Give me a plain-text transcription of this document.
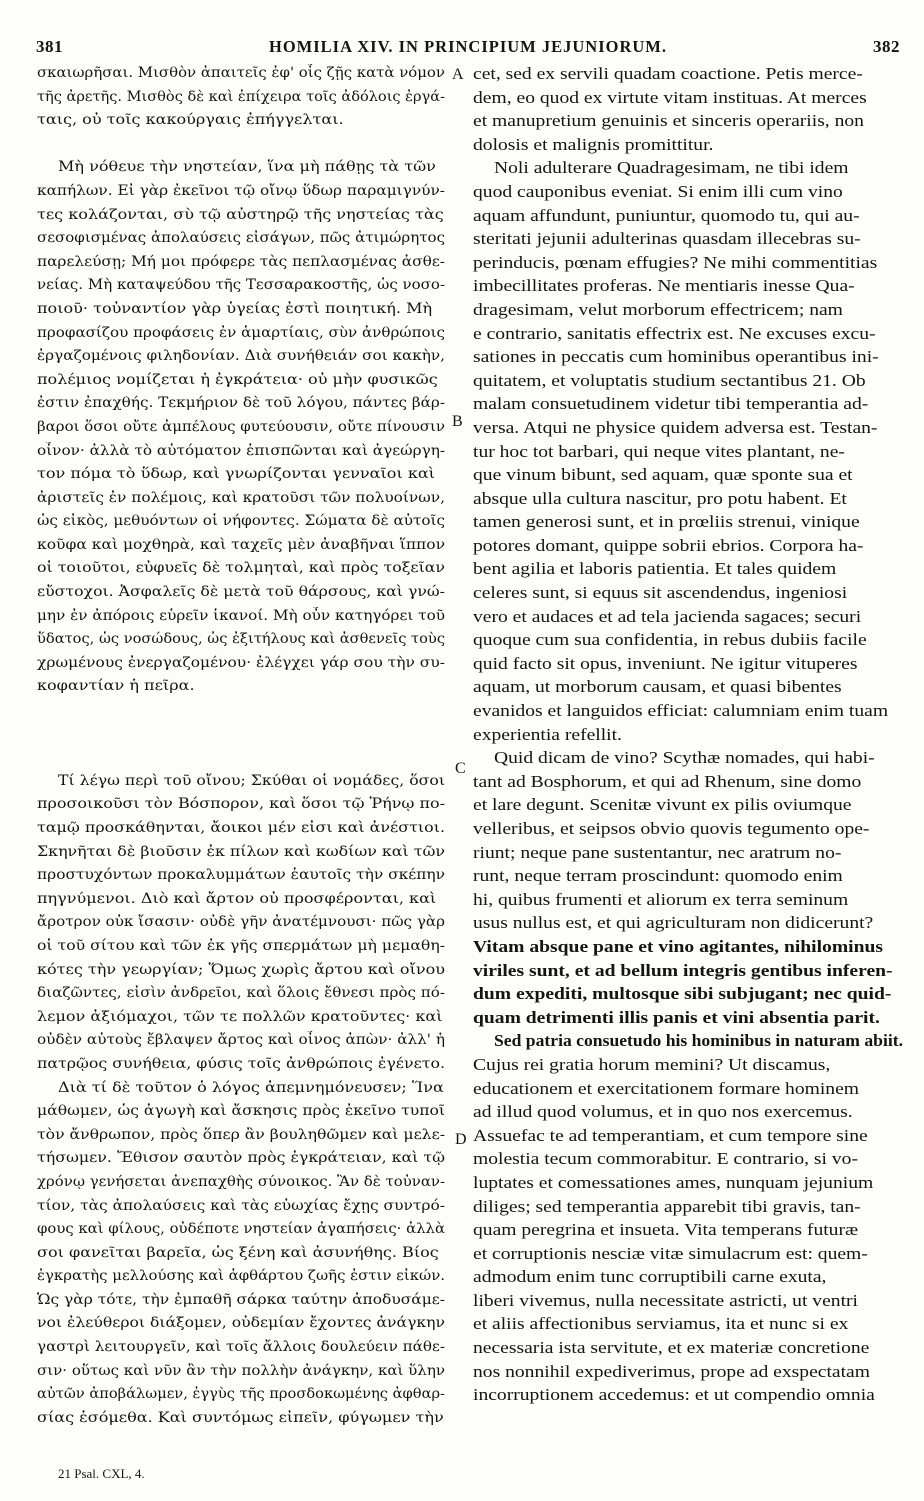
381	HOMILIA XIV. IN PRINCIPIUM JEJUNIORUM.	382
σκαιωρῆσαι. Μισθὸν ἀπαιτεῖς ἐφ' οἷς ζῇς κατὰ νόμον
τῆς ἀρετῆς. Μισθὸς δὲ καὶ ἐπίχειρα τοῖς ἀδόλοις ἐργά-
ταις, οὐ τοῖς κακούργαις ἐπήγγελται.
Μὴ νόθευε τὴν νηστείαν, ἵνα μὴ πάθῃς τὰ τῶν
καπήλων. Εἰ γὰρ ἐκεῖνοι τῷ οἴνῳ ὕδωρ παραμιγνύν-
τες κολάζονται, σὺ τῷ αὐστηρῷ τῆς νηστείας τὰς
σεσοφισμένας ἀπολαύσεις εἰσάγων, πῶς ἀτιμώρητος
παρελεύσῃ; Μή μοι πρόφερε τὰς πεπλασμένας ἀσθε-
νείας. Μὴ καταψεύδου τῆς Τεσσαρακοστῆς, ὡς νοσο-
ποιοῦ· τοὐναντίον γὰρ ὑγείας ἐστὶ ποιητική. Μὴ
προφασίζου προφάσεις ἐν ἁμαρτίαις, σὺν ἀνθρώποις
ἐργαζομένοις φιληδονίαν. Διὰ συνήθειάν σοι κακὴν,
πολέμιος νομίζεται ἡ ἐγκράτεια· οὐ μὴν φυσικῶς
ἐστιν ἐπαχθής. Τεκμήριον δὲ τοῦ λόγου, πάντες βάρ-
βαροι ὅσοι οὔτε ἀμπέλους φυτεύουσιν, οὔτε πίνουσιν
οἶνον· ἀλλὰ τὸ αὐτόματον ἐπισπῶνται καὶ ἀγεώργη-
τον πόμα τὸ ὕδωρ, καὶ γνωρίζονται γενναῖοι καὶ
ἀριστεῖς ἐν πολέμοις, καὶ κρατοῦσι τῶν πολυοίνων,
ὡς εἰκὸς, μεθυόντων οἱ νήφοντες. Σώματα δὲ αὐτοῖς
κοῦφα καὶ μοχθηρὰ, καὶ ταχεῖς μὲν ἀναβῆναι ἵππον
οἱ τοιοῦτοι, εὐφυεῖς δὲ τολμηταὶ, καὶ πρὸς τοξεῖαν
εὔστοχοι. Ἀσφαλεῖς δὲ μετὰ τοῦ θάρσους, καὶ γνώ-
μην ἐν ἀπόροις εὑρεῖν ἱκανοί. Μὴ οὖν κατηγόρει τοῦ
ὕδατος, ὡς νοσώδους, ὡς ἐξιτήλους καὶ ἀσθενεῖς τοὺς
χρωμένους ἐνεργαζομένου· ἐλέγχει γάρ σου τὴν συ-
κοφαντίαν ἡ πεῖρα.
Τί λέγω περὶ τοῦ οἴνου; Σκύθαι οἱ νομάδες, ὅσοι
προσοικοῦσι τὸν Βόσπορον, καὶ ὅσοι τῷ Ῥήνῳ πο-
ταμῷ προσκάθηνται, ἄοικοι μέν εἰσι καὶ ἀνέστιοι.
Σκηνῆται δὲ βιοῦσιν ἐκ πίλων καὶ κωδίων καὶ τῶν
προστυχόντων προκαλυμμάτων ἑαυτοῖς τὴν σκέπην
πηγνύμενοι. Διὸ καὶ ἄρτον οὐ προσφέρονται, καὶ
ἄροτρον οὐκ ἴσασιν· οὐδὲ γῆν ἀνατέμνουσι· πῶς γὰρ
οἱ τοῦ σίτου καὶ τῶν ἐκ γῆς σπερμάτων μὴ μεμαθη-
κότες τὴν γεωργίαν; Ὅμως χωρὶς ἄρτου καὶ οἴνου
διαζῶντες, εἰσὶν ἀνδρεῖοι, καὶ ὅλοις ἔθνεσι πρὸς πό-
λεμον ἀξιόμαχοι, τῶν τε πολλῶν κρατοῦντες· καὶ
οὐδὲν αὐτοὺς ἔβλαψεν ἄρτος καὶ οἶνος ἀπὼν· ἀλλ' ἡ
πατρῷος συνήθεια, φύσις τοῖς ἀνθρώποις ἐγένετο.
Διὰ τί δὲ τοῦτον ὁ λόγος ἀπεμνημόνευσεν; Ἵνα
μάθωμεν, ὡς ἀγωγὴ καὶ ἄσκησις πρὸς ἐκεῖνο τυποῖ
τὸν ἄνθρωπον, πρὸς ὅπερ ἂν βουληθῶμεν καὶ μελε-
τήσωμεν. Ἔθισον σαυτὸν πρὸς ἐγκράτειαν, καὶ τῷ
χρόνῳ γενήσεται ἀνεπαχθὴς σύνοικος. Ἂν δὲ τοὐναν-
τίον, τὰς ἀπολαύσεις καὶ τὰς εὐωχίας ἔχῃς συντρό-
φους καὶ φίλους, οὐδέποτε νηστείαν ἀγαπήσεις· ἀλλὰ
σοι φανεῖται βαρεῖα, ὡς ξένη καὶ ἀσυνήθης. Βίος
ἐγκρατὴς μελλούσης καὶ ἀφθάρτου ζωῆς ἐστιν εἰκών.
Ὡς γὰρ τότε, τὴν ἐμπαθῆ σάρκα ταύτην ἀποδυσάμε-
νοι ἐλεύθεροι διάξομεν, οὐδεμίαν ἔχοντες ἀνάγκην
γαστρὶ λειτουργεῖν, καὶ τοῖς ἄλλοις δουλεύειν πάθε-
σιν· οὕτως καὶ νῦν ἂν τὴν πολλὴν ἀνάγκην, καὶ ὕλην
αὐτῶν ἀποβάλωμεν, ἐγγὺς τῆς προσδοκωμένης ἀφθαρ-
σίας ἐσόμεθα. Καὶ συντόμως εἰπεῖν, φύγωμεν τὴν
cet, sed ex servili quadam coactione. Petis merce-
dem, eo quod ex virtute vitam instituas. At merces
et manupretium genuinis et sinceris operariis, non
dolosis et malignis promittitur.
Noli adulterare Quadragesimam, ne tibi idem
quod cauponibus eveniat. Si enim illi cum vino
aquam affundunt, puniuntur, quomodo tu, qui au-
steritati jejunii adulterinas quasdam illecebras su-
perinducis, pœnam effugies? Ne mihi commentitias
imbecillitates proferas. Ne mentiaris inesse Qua-
dragesimam, velut morborum effectricem; nam
e contrario, sanitatis effectrix est. Ne excuses excu-
sationes in peccatis cum hominibus operantibus ini-
quitatem, et voluptatis studium sectantibus 21. Ob
malam consuetudinem videtur tibi temperantia ad-
versa. Atqui ne physice quidem adversa est. Testan-
tur hoc tot barbari, qui neque vites plantant, ne-
que vinum bibunt, sed aquam, quæ sponte sua et
absque ulla cultura nascitur, pro potu habent. Et
tamen generosi sunt, et in prœliis strenui, vinique
potores domant, quippe sobrii ebrios. Corpora ha-
bent agilia et laboris patientia. Et tales quidem
celeres sunt, si equus sit ascendendus, ingeniosi
vero et audaces et ad tela jacienda sagaces; securi
quoque cum sua confidentia, in rebus dubiis facile
quid facto sit opus, inveniunt. Ne igitur vituperes
aquam, ut morborum causam, et quasi bibentes
evanidos et languidos efficiat: calumniam enim tuam
experientia refellit.
Quid dicam de vino? Scythæ nomades, qui habi-
tant ad Bosphorum, et qui ad Rhenum, sine domo
et lare degunt. Scenitæ vivunt ex pilis oviumque
velleribus, et seipsos obvio quovis tegumento ope-
riunt; neque pane sustentantur, nec aratrum no-
runt, neque terram proscindunt: quomodo enim
hi, quibus frumenti et aliorum ex terra seminum
usus nullus est, et qui agriculturam non didicerunt?
Vitam absque pane et vino agitantes, nihilominus
viriles sunt, et ad bellum integris gentibus inferen-
dum expediti, multosque sibi subjugant; nec quid-
quam detrimenti illis panis et vini absentia parit.
Sed patria consuetudo his hominibus in naturam abiit.
Cujus rei gratia horum memini? Ut discamus,
educationem et exercitationem formare hominem
ad illud quod volumus, et in quo nos exercemus.
Assuefac te ad temperantiam, et cum tempore sine
molestia tecum commorabitur. E contrario, si vo-
luptates et comessationes ames, nunquam jejunium
diliges; sed temperantia apparebit tibi gravis, tan-
quam peregrina et insueta. Vita temperans futuræ
et corruptionis nesciæ vitæ simulacrum est: quem-
admodum enim tunc corruptibili carne exuta,
liberi vivemus, nulla necessitate astricti, ut ventri
et aliis affectionibus serviamus, ita et nunc si ex
necessaria ista servitute, et ex materiæ concretione
nos nonnihil expediverimus, prope ad exspectatam
incorruptionem accedemus: et ut compendio omnia
A
B
C
D
21 Psal. CXL, 4.
